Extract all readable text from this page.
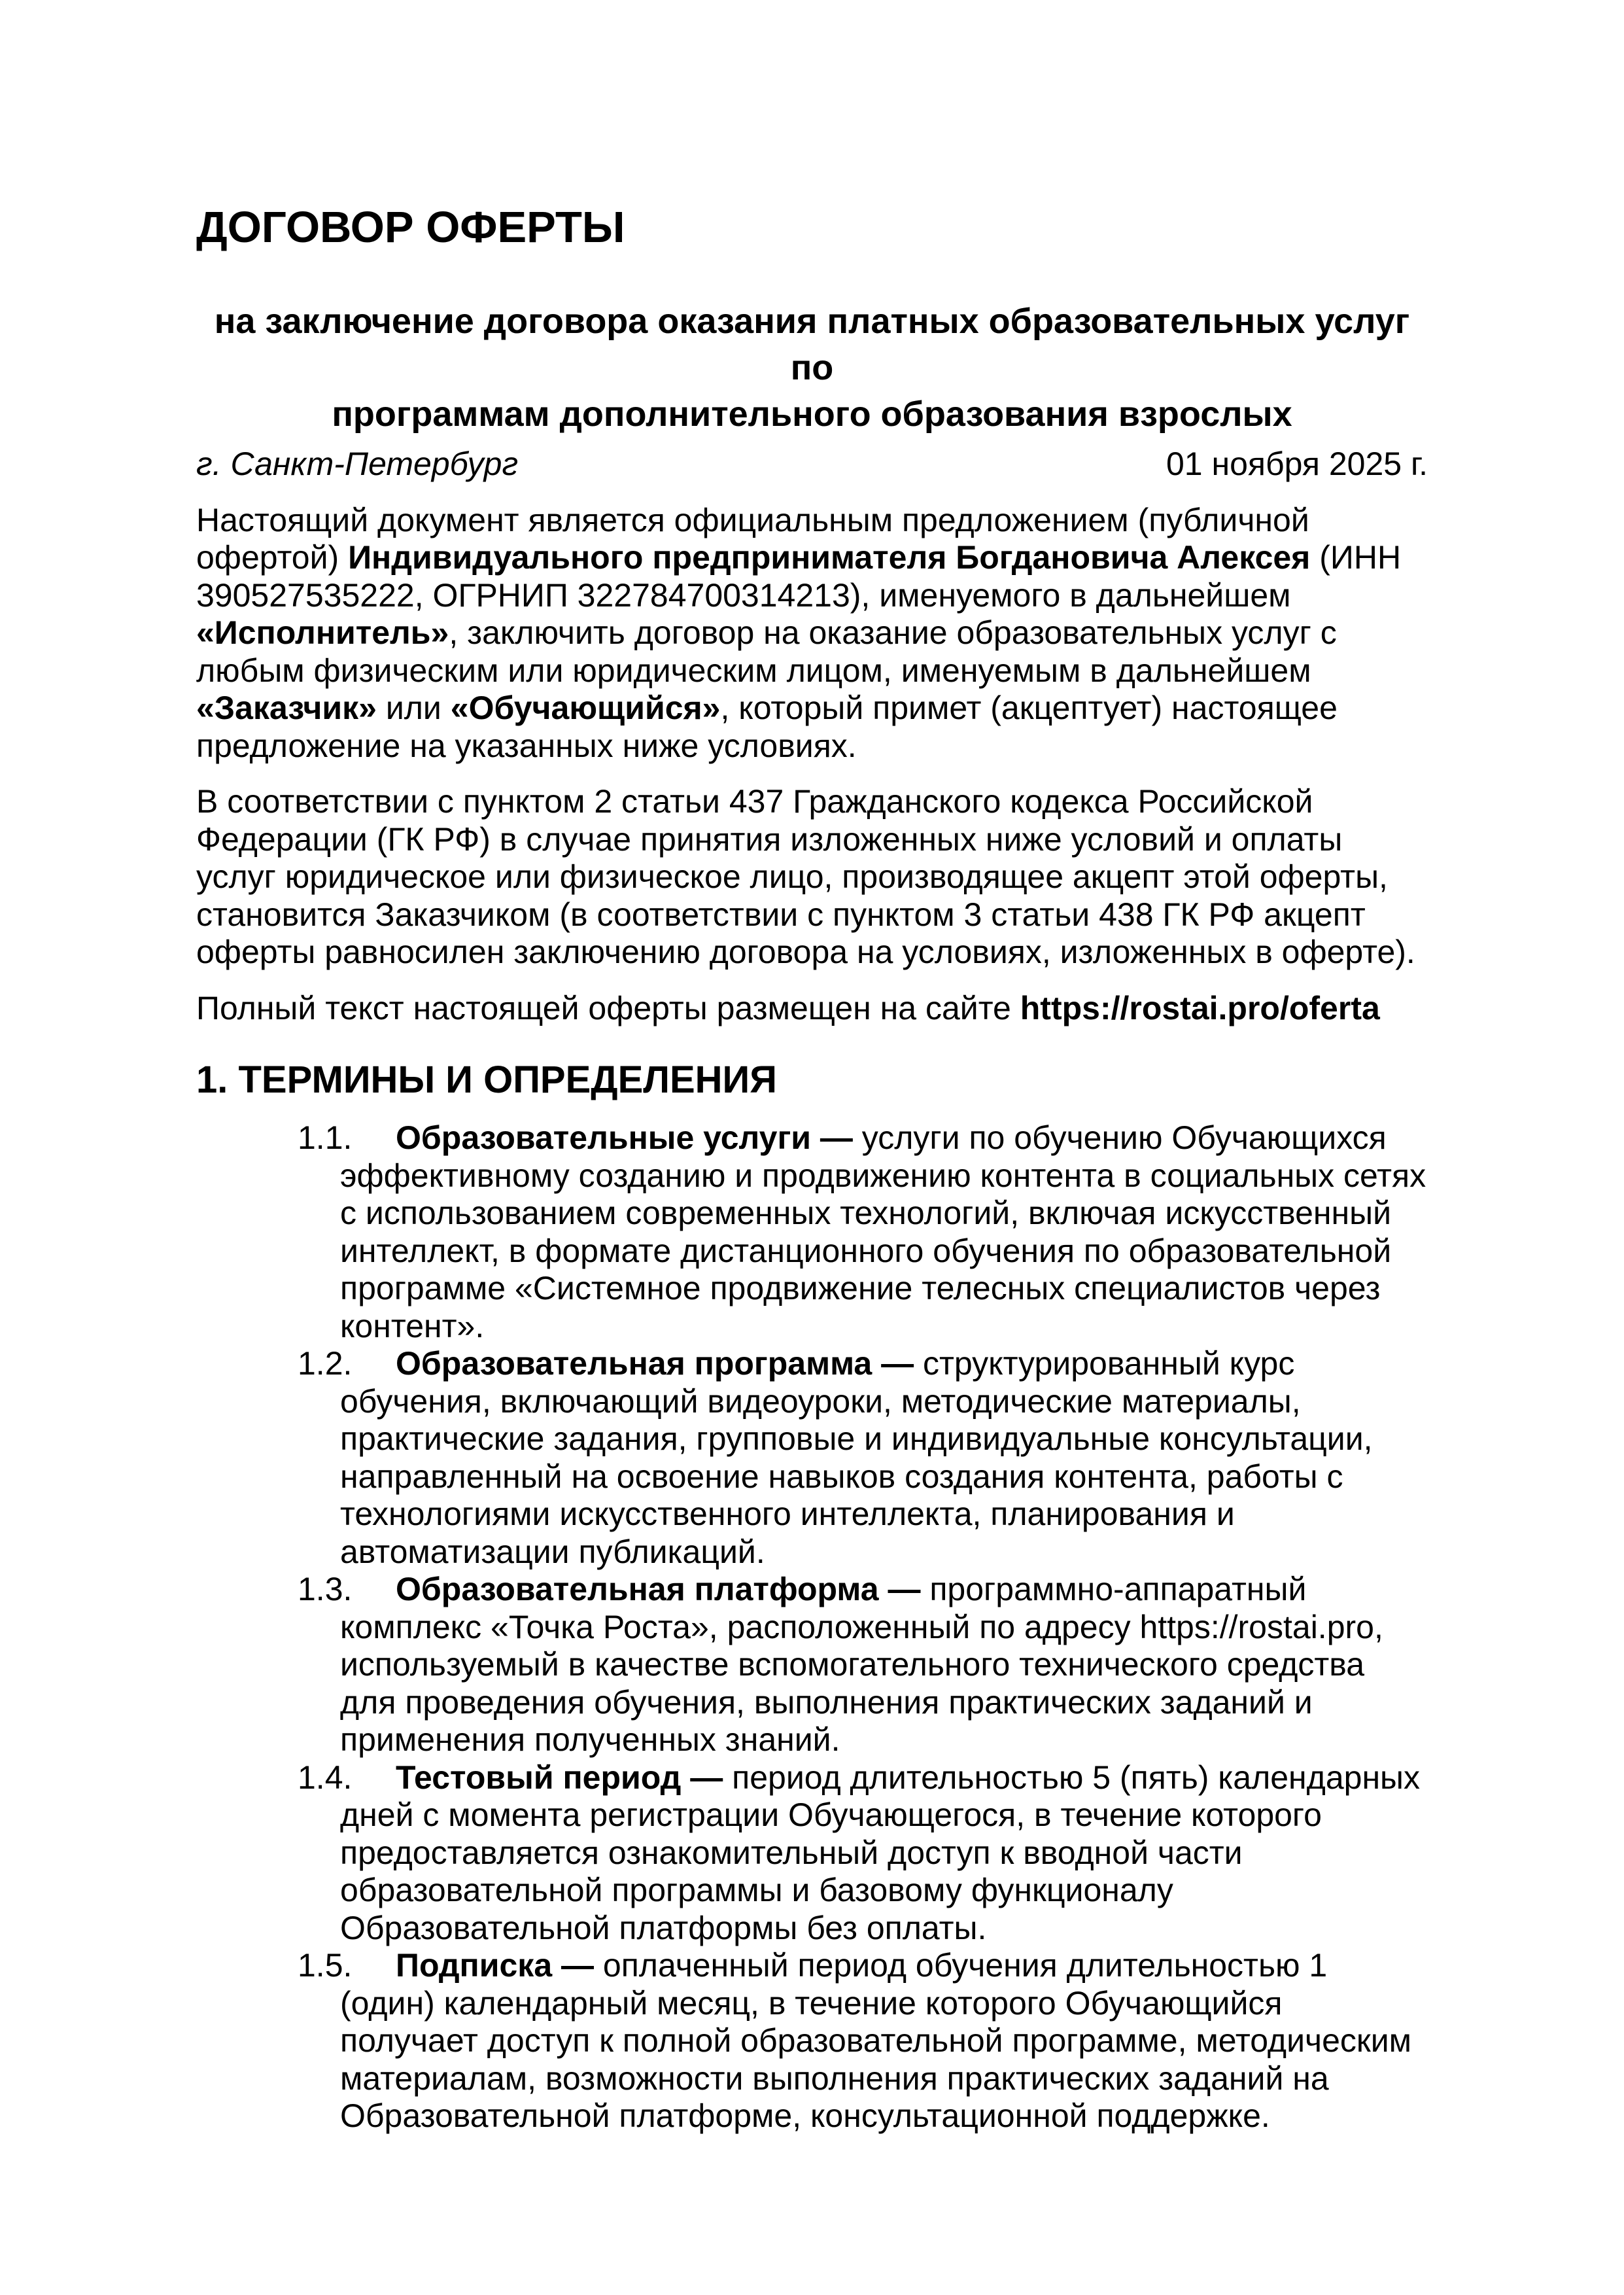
ДОГОВОР ОФЕРТЫ
на заключение договора оказания платных образовательных услуг по
программам дополнительного образования взрослых
г. Санкт-Петербург	01 ноября 2025 г.

Настоящий документ является официальным предложением (публичной офертой) Индивидуального предпринимателя Богдановича Алексея (ИНН 390527535222, ОГРНИП 322784700314213), именуемого в дальнейшем «Исполнитель», заключить договор на оказание образовательных услуг с любым физическим или юридическим лицом, именуемым в дальнейшем «Заказчик» или «Обучающийся», который примет (акцептует) настоящее предложение на указанных ниже условиях.

В соответствии с пунктом 2 статьи 437 Гражданского кодекса Российской Федерации (ГК РФ) в случае принятия изложенных ниже условий и оплаты услуг юридическое или физическое лицо, производящее акцепт этой оферты, становится Заказчиком (в соответствии с пунктом 3 статьи 438 ГК РФ акцепт оферты равносилен заключению договора на условиях, изложенных в оферте).

Полный текст настоящей оферты размещен на сайте https://rostai.pro/oferta

1. ТЕРМИНЫ И ОПРЕДЕЛЕНИЯ
1.1. Образовательные услуги — услуги по обучению Обучающихся эффективному созданию и продвижению контента в социальных сетях с использованием современных технологий, включая искусственный интеллект, в формате дистанционного обучения по образовательной программе «Системное продвижение телесных специалистов через контент».
1.2. Образовательная программа — структурированный курс обучения, включающий видеоуроки, методические материалы, практические задания, групповые и индивидуальные консультации, направленный на освоение навыков создания контента, работы с технологиями искусственного интеллекта, планирования и автоматизации публикаций.
1.3. Образовательная платформа — программно-аппаратный комплекс «Точка Роста», расположенный по адресу https://rostai.pro, используемый в качестве вспомогательного технического средства для проведения обучения, выполнения практических заданий и применения полученных знаний.
1.4. Тестовый период — период длительностью 5 (пять) календарных дней с момента регистрации Обучающегося, в течение которого предоставляется ознакомительный доступ к вводной части образовательной программы и базовому функционалу Образовательной платформы без оплаты.
1.5. Подписка — оплаченный период обучения длительностью 1 (один) календарный месяц, в течение которого Обучающийся получает доступ к полной образовательной программе, методическим материалам, возможности выполнения практических заданий на Образовательной платформе, консультационной поддержке.
